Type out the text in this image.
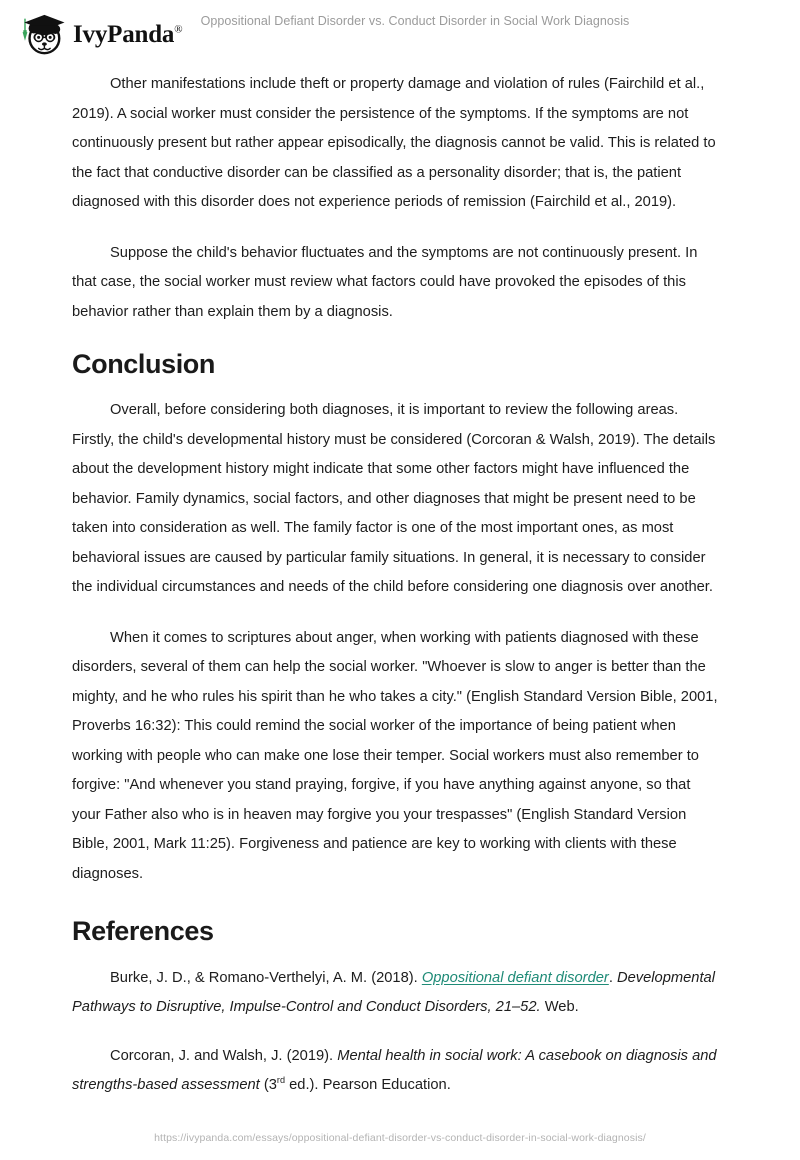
IvyPanda®
Oppositional Defiant Disorder vs. Conduct Disorder in Social Work Diagnosis

Other manifestations include theft or property damage and violation of rules (Fairchild et al., 2019). A social worker must consider the persistence of the symptoms. If the symptoms are not continuously present but rather appear episodically, the diagnosis cannot be valid. This is related to the fact that conductive disorder can be classified as a personality disorder; that is, the patient diagnosed with this disorder does not experience periods of remission (Fairchild et al., 2019).

Suppose the child's behavior fluctuates and the symptoms are not continuously present. In that case, the social worker must review what factors could have provoked the episodes of this behavior rather than explain them by a diagnosis.

Conclusion

Overall, before considering both diagnoses, it is important to review the following areas. Firstly, the child's developmental history must be considered (Corcoran & Walsh, 2019). The details about the development history might indicate that some other factors might have influenced the behavior. Family dynamics, social factors, and other diagnoses that might be present need to be taken into consideration as well. The family factor is one of the most important ones, as most behavioral issues are caused by particular family situations. In general, it is necessary to consider the individual circumstances and needs of the child before considering one diagnosis over another.

When it comes to scriptures about anger, when working with patients diagnosed with these disorders, several of them can help the social worker. "Whoever is slow to anger is better than the mighty, and he who rules his spirit than he who takes a city." (English Standard Version Bible, 2001, Proverbs 16:32): This could remind the social worker of the importance of being patient when working with people who can make one lose their temper. Social workers must also remember to forgive: "And whenever you stand praying, forgive, if you have anything against anyone, so that your Father also who is in heaven may forgive you your trespasses" (English Standard Version Bible, 2001, Mark 11:25). Forgiveness and patience are key to working with clients with these diagnoses.

References

Burke, J. D., & Romano-Verthelyi, A. M. (2018). Oppositional defiant disorder. Developmental Pathways to Disruptive, Impulse-Control and Conduct Disorders, 21–52. Web.

Corcoran, J. and Walsh, J. (2019). Mental health in social work: A casebook on diagnosis and strengths-based assessment (3rd ed.). Pearson Education.

https://ivypanda.com/essays/oppositional-defiant-disorder-vs-conduct-disorder-in-social-work-diagnosis/
